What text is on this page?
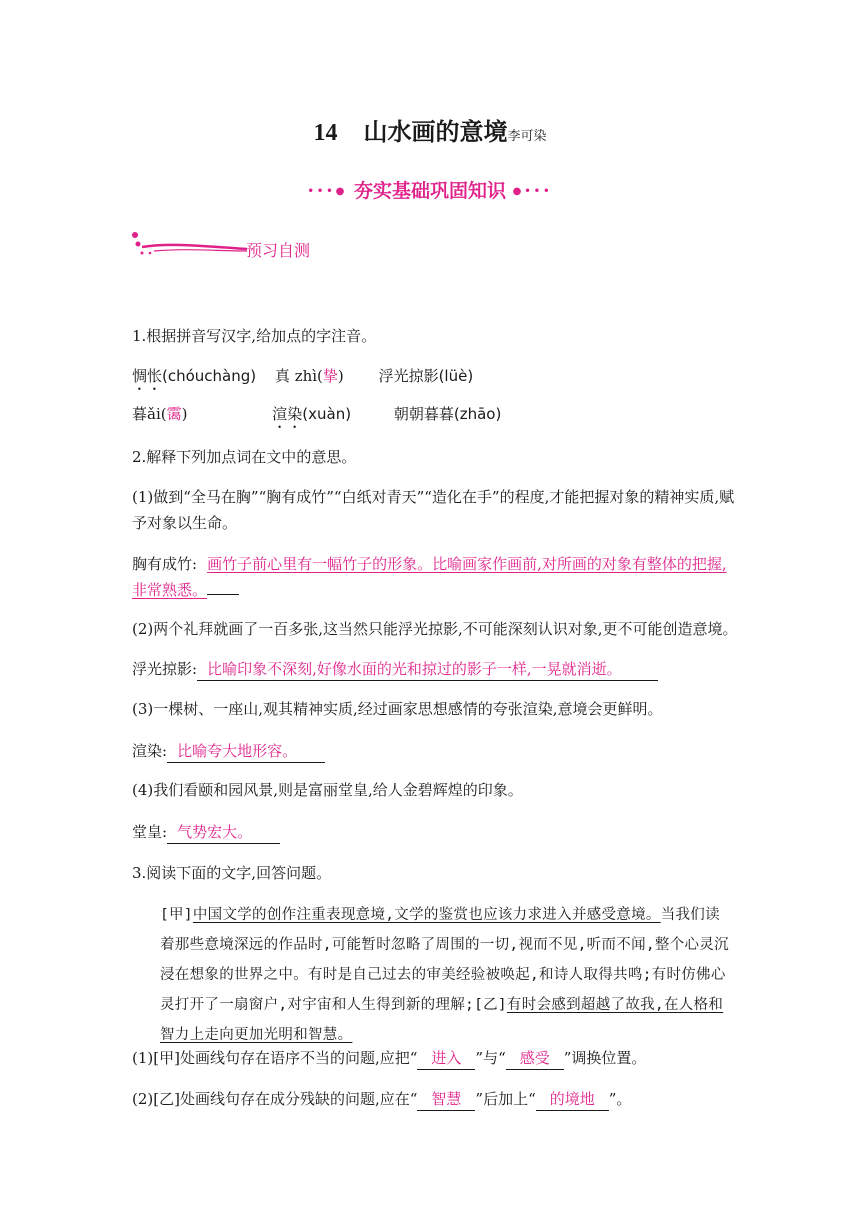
14 山水画的意境李可染
•••● 夯实基础巩固知识 ●•••
预习自测
1.根据拼音写汉字,给加点的字注音。
惆怅(chóuchàng) 真 zhì(挚) 浮光掠影(lüè)
暮ǎi(霭)	渲染(xuàn)	朝朝暮暮(zhāo)
2.解释下列加点词在文中的意思。
(1)做到“全马在胸”“胸有成竹”“白纸对青天”“造化在手”的程度,才能把握对象的精神实质,赋
予对象以生命。
胸有成竹: 画竹子前心里有一幅竹子的形象。比喻画家作画前,对所画的对象有整体的把握,
非常熟悉。
(2)两个礼拜就画了一百多张,这当然只能浮光掠影,不可能深刻认识对象,更不可能创造意境。
浮光掠影: 比喻印象不深刻,好像水面的光和掠过的影子一样,一晃就消逝。
(3)一棵树、一座山,观其精神实质,经过画家思想感情的夸张渲染,意境会更鲜明。
渲染: 比喻夸大地形容。
(4)我们看颐和园风景,则是富丽堂皇,给人金碧辉煌的印象。
堂皇: 气势宏大。
3.阅读下面的文字,回答问题。
[甲]中国文学的创作注重表现意境,文学的鉴赏也应该力求进入并感受意境。当我们读着那些意境深远的作品时,可能暂时忽略了周围的一切,视而不见,听而不闻,整个心灵沉浸在想象的世界之中。有时是自己过去的审美经验被唤起,和诗人取得共鸣;有时仿佛心灵打开了一扇窗户,对宇宙和人生得到新的理解;[乙]有时会感到超越了故我,在人格和智力上走向更加光明和智慧。
(1)[甲]处画线句存在语序不当的问题,应把“ 进入 ”与“ 感受 ”调换位置。
(2)[乙]处画线句存在成分残缺的问题,应在“ 智慧 ”后加上“ 的境地 ”。
